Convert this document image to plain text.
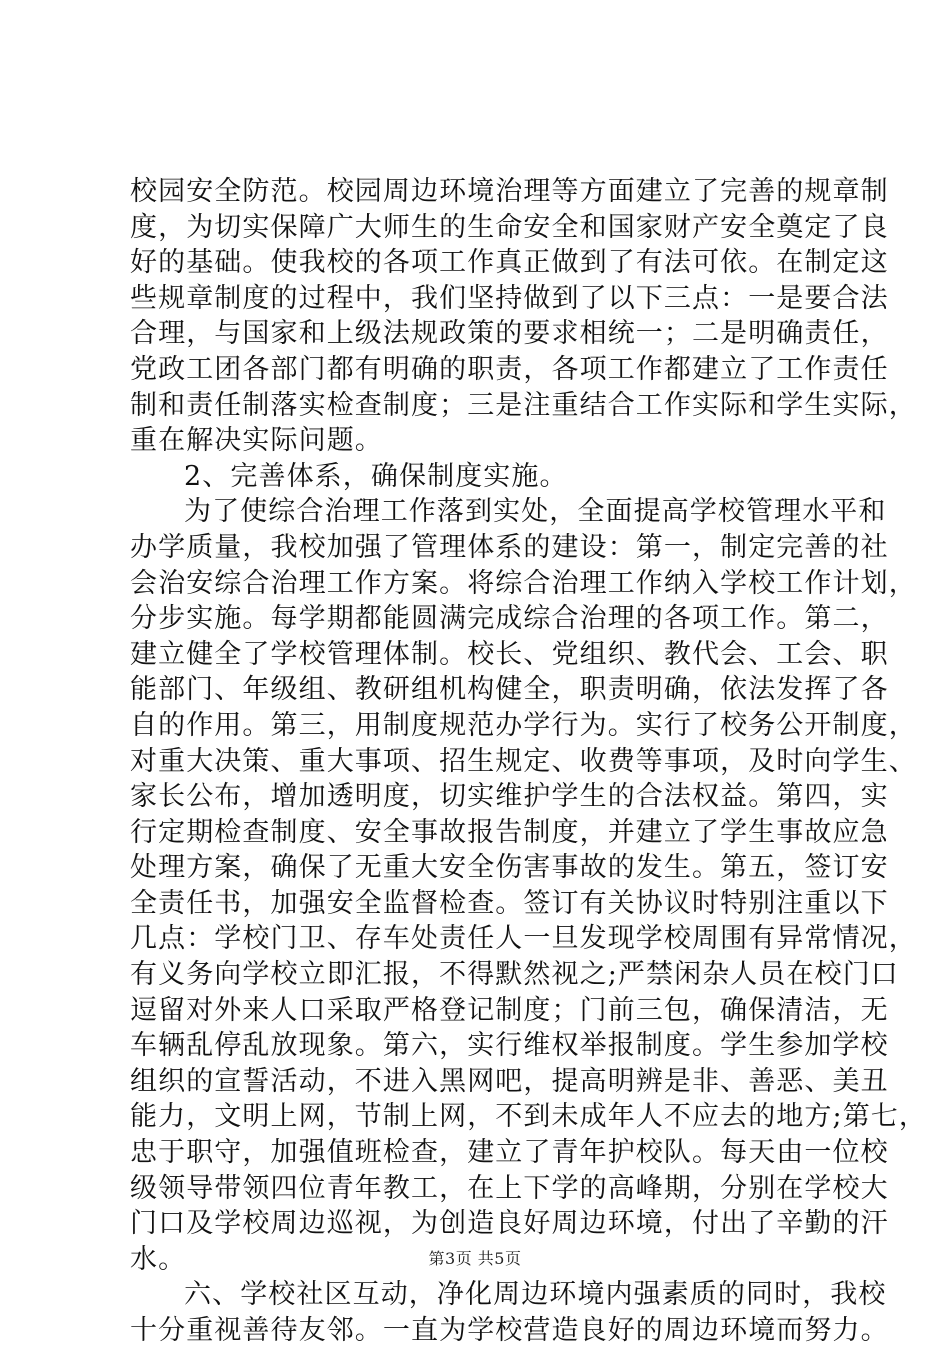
校园安全防范。校园周边环境治理等方面建立了完善的规章制
度，为切实保障广大师生的生命安全和国家财产安全奠定了良
好的基础。使我校的各项工作真正做到了有法可依。在制定这
些规章制度的过程中，我们坚持做到了以下三点：一是要合法
合理，与国家和上级法规政策的要求相统一；二是明确责任，
党政工团各部门都有明确的职责，各项工作都建立了工作责任
制和责任制落实检查制度；三是注重结合工作实际和学生实际，
重在解决实际问题。
2、完善体系，确保制度实施。
为了使综合治理工作落到实处，全面提高学校管理水平和
办学质量，我校加强了管理体系的建设：第一，制定完善的社
会治安综合治理工作方案。将综合治理工作纳入学校工作计划，
分步实施。每学期都能圆满完成综合治理的各项工作。第二，
建立健全了学校管理体制。校长、党组织、教代会、工会、职
能部门、年级组、教研组机构健全，职责明确，依法发挥了各
自的作用。第三，用制度规范办学行为。实行了校务公开制度，
对重大决策、重大事项、招生规定、收费等事项，及时向学生、
家长公布，增加透明度，切实维护学生的合法权益。第四，实
行定期检查制度、安全事故报告制度，并建立了学生事故应急
处理方案，确保了无重大安全伤害事故的发生。第五，签订安
全责任书，加强安全监督检查。签订有关协议时特别注重以下
几点：学校门卫、存车处责任人一旦发现学校周围有异常情况，
有义务向学校立即汇报，不得默然视之;严禁闲杂人员在校门口
逗留对外来人口采取严格登记制度；门前三包，确保清洁，无
车辆乱停乱放现象。第六，实行维权举报制度。学生参加学校
组织的宣誓活动，不进入黑网吧，提高明辨是非、善恶、美丑
能力，文明上网，节制上网，不到未成年人不应去的地方;第七，
忠于职守，加强值班检查，建立了青年护校队。每天由一位校
级领导带领四位青年教工，在上下学的高峰期，分别在学校大
门口及学校周边巡视，为创造良好周边环境，付出了辛勤的汗
水。
六、学校社区互动，净化周边环境内强素质的同时，我校
十分重视善待友邻。一直为学校营造良好的周边环境而努力。
第3页 共5页
